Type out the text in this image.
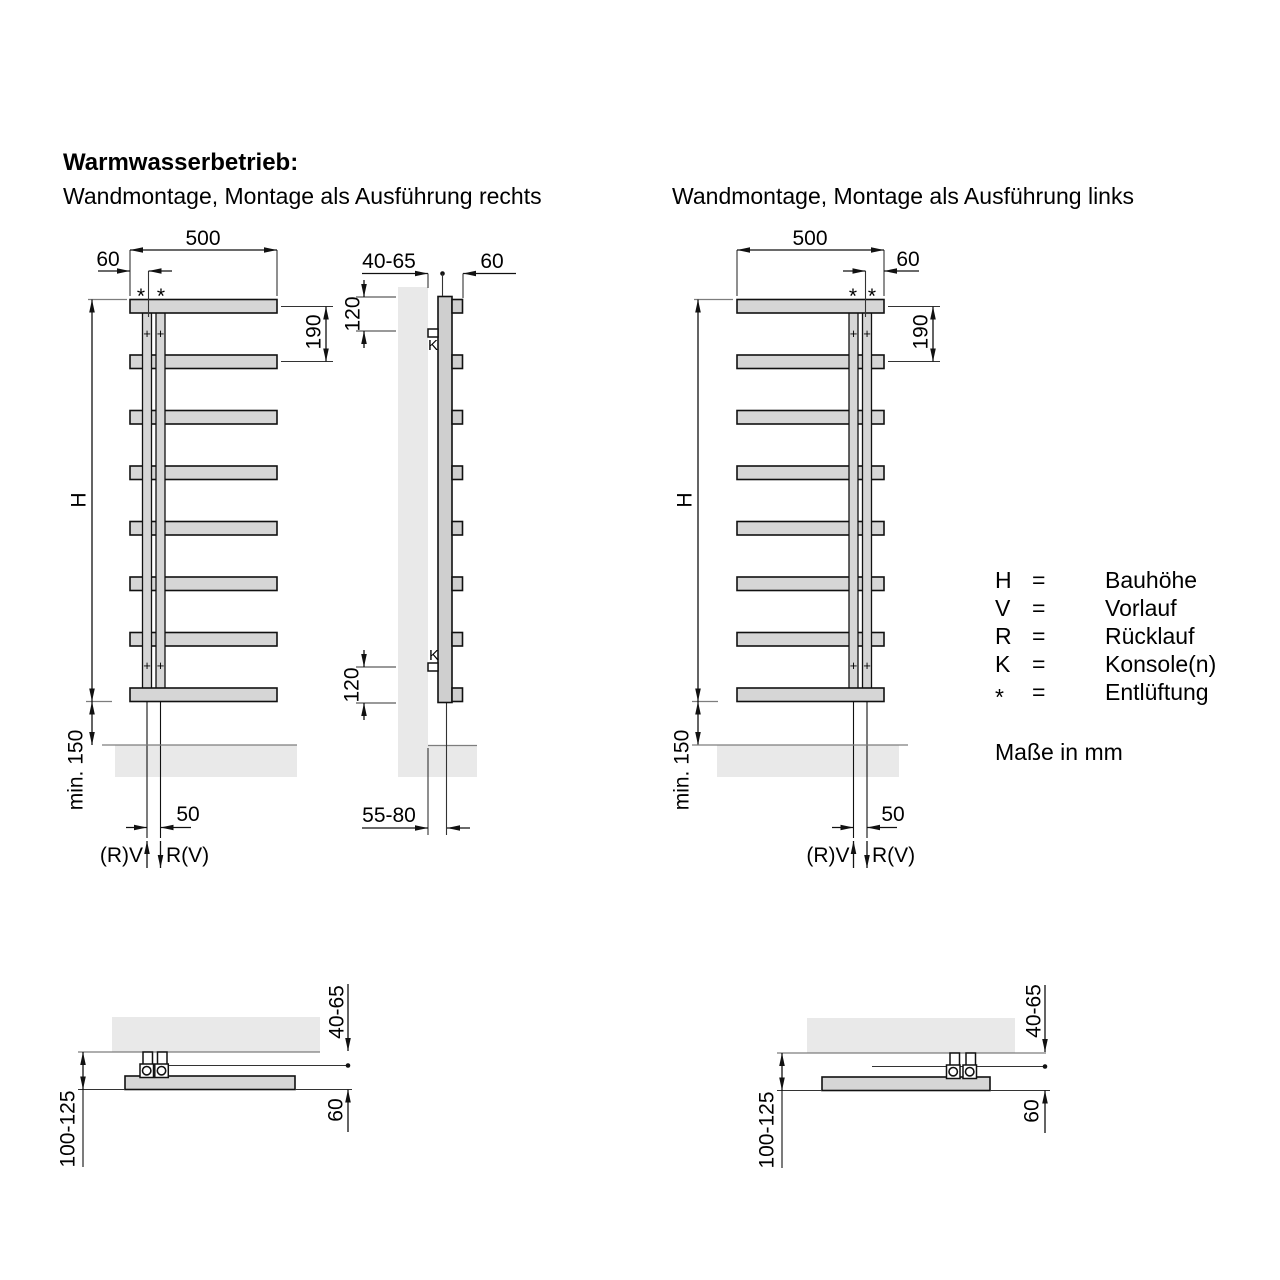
Warmwasserbetrieb:
Wandmontage, Montage als Ausführung rechts	Wandmontage, Montage als Ausführung links
500
60
190
H
min. 150
50
(R)V R(V)
* *
+ +
+ +
K
K
40-65	60
120
120
55-80
500
60
190
H
min. 150
50
(R)V R(V)
* *
+ +
+ +
H =	Bauhöhe
V =	Vorlauf
R =	Rücklauf
K =	Konsole(n)
* =	Entlüftung
Maße in mm
40-65
60
100-125
40-65
60
100-125
